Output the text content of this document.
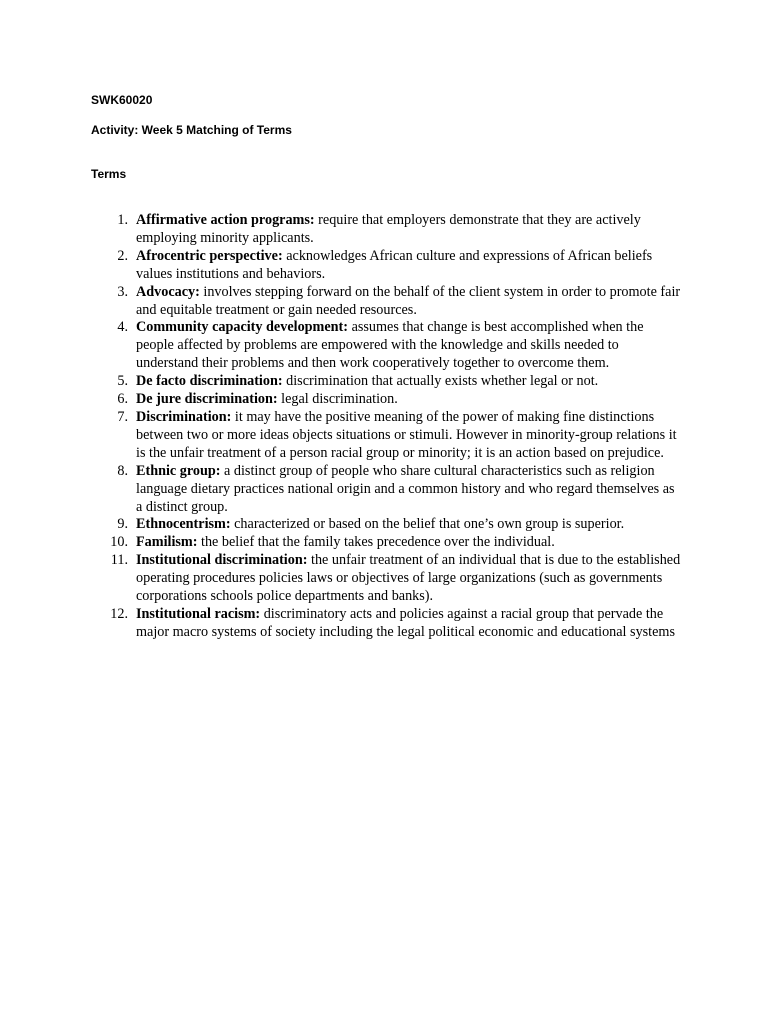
SWK60020

Activity: Week 5 Matching of Terms

Terms

1. Affirmative action programs: require that employers demonstrate that they are actively employing minority applicants.
2. Afrocentric perspective: acknowledges African culture and expressions of African beliefs values institutions and behaviors.
3. Advocacy: involves stepping forward on the behalf of the client system in order to promote fair and equitable treatment or gain needed resources.
4. Community capacity development: assumes that change is best accomplished when the people affected by problems are empowered with the knowledge and skills needed to understand their problems and then work cooperatively together to overcome them.
5. De facto discrimination: discrimination that actually exists whether legal or not.
6. De jure discrimination: legal discrimination.
7. Discrimination: it may have the positive meaning of the power of making fine distinctions between two or more ideas objects situations or stimuli. However in minority-group relations it is the unfair treatment of a person racial group or minority; it is an action based on prejudice.
8. Ethnic group: a distinct group of people who share cultural characteristics such as religion language dietary practices national origin and a common history and who regard themselves as a distinct group.
9. Ethnocentrism: characterized or based on the belief that one’s own group is superior.
10. Familism: the belief that the family takes precedence over the individual.
11. Institutional discrimination: the unfair treatment of an individual that is due to the established operating procedures policies laws or objectives of large organizations (such as governments corporations schools police departments and banks).
12. Institutional racism: discriminatory acts and policies against a racial group that pervade the major macro systems of society including the legal political economic and educational systems
